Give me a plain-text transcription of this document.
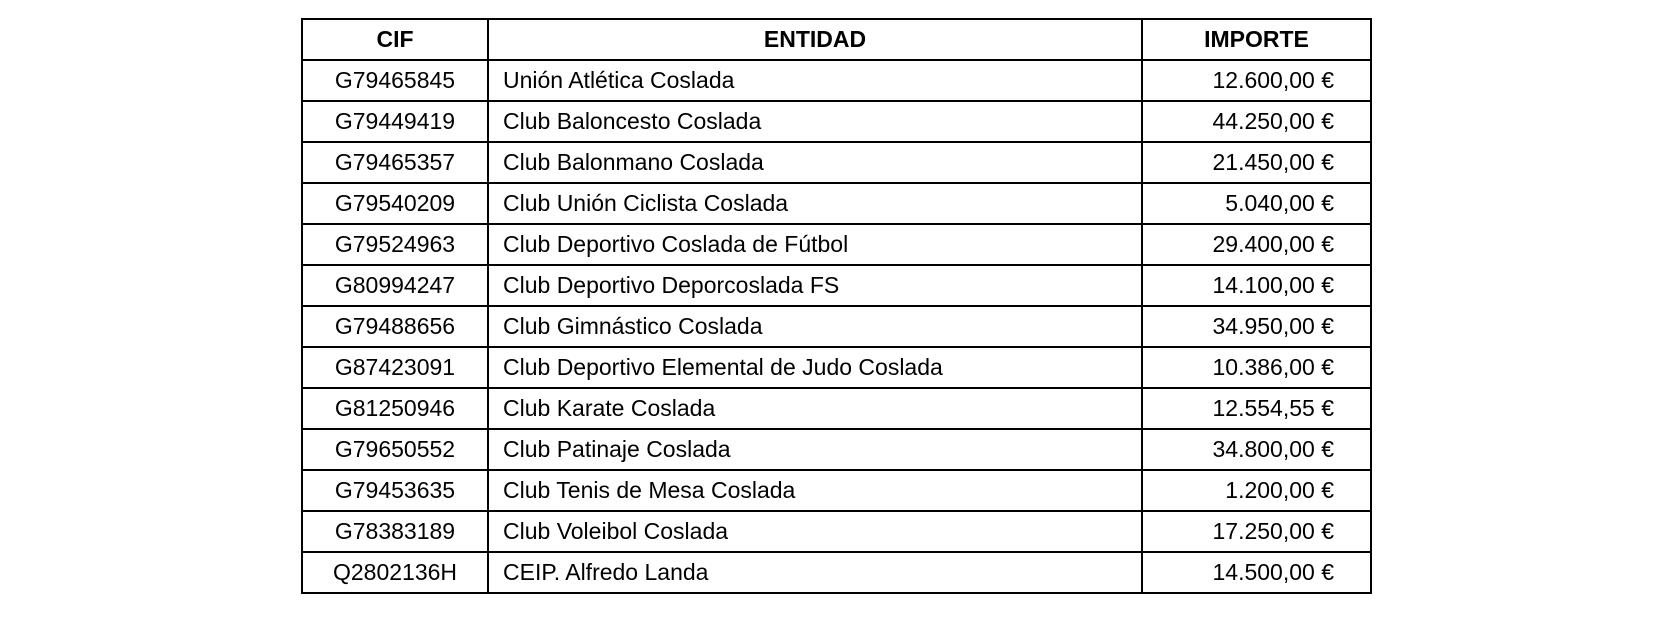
CIF	ENTIDAD	IMPORTE
G79465845	Unión Atlética Coslada	12.600,00 €
G79449419	Club Baloncesto Coslada	44.250,00 €
G79465357	Club Balonmano Coslada	21.450,00 €
G79540209	Club Unión Ciclista Coslada	5.040,00 €
G79524963	Club Deportivo Coslada de Fútbol	29.400,00 €
G80994247	Club Deportivo Deporcoslada FS	14.100,00 €
G79488656	Club Gimnástico Coslada	34.950,00 €
G87423091	Club Deportivo Elemental de Judo Coslada	10.386,00 €
G81250946	Club Karate Coslada	12.554,55 €
G79650552	Club Patinaje Coslada	34.800,00 €
G79453635	Club Tenis de Mesa Coslada	1.200,00 €
G78383189	Club Voleibol Coslada	17.250,00 €
Q2802136H	CEIP. Alfredo Landa	14.500,00 €
